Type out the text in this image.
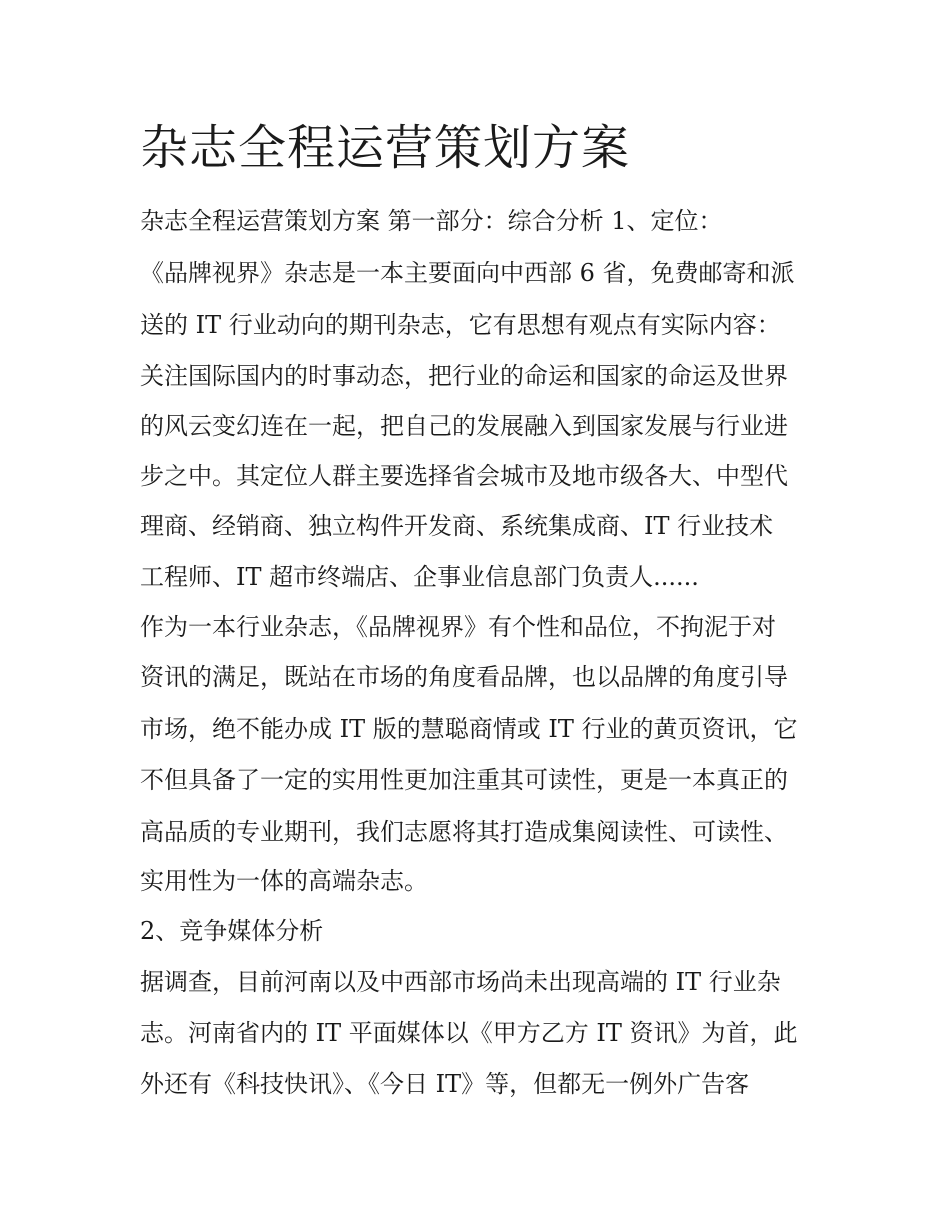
杂志全程运营策划方案
杂志全程运营策划方案 第一部分：综合分析 1、定位：
《品牌视界》杂志是一本主要面向中西部 6 省，免费邮寄和派
送的 IT 行业动向的期刊杂志，它有思想有观点有实际内容：
关注国际国内的时事动态，把行业的命运和国家的命运及世界
的风云变幻连在一起，把自己的发展融入到国家发展与行业进
步之中。其定位人群主要选择省会城市及地市级各大、中型代
理商、经销商、独立构件开发商、系统集成商、IT 行业技术
工程师、IT 超市终端店、企事业信息部门负责人......
作为一本行业杂志，《品牌视界》有个性和品位，不拘泥于对
资讯的满足，既站在市场的角度看品牌，也以品牌的角度引导
市场，绝不能办成 IT 版的慧聪商情或 IT 行业的黄页资讯，它
不但具备了一定的实用性更加注重其可读性，更是一本真正的
高品质的专业期刊，我们志愿将其打造成集阅读性、可读性、
实用性为一体的高端杂志。
2、竞争媒体分析
据调查，目前河南以及中西部市场尚未出现高端的 IT 行业杂
志。河南省内的 IT 平面媒体以《甲方乙方 IT 资讯》为首，此
外还有《科技快讯》、《今日 IT》等，但都无一例外广告客
